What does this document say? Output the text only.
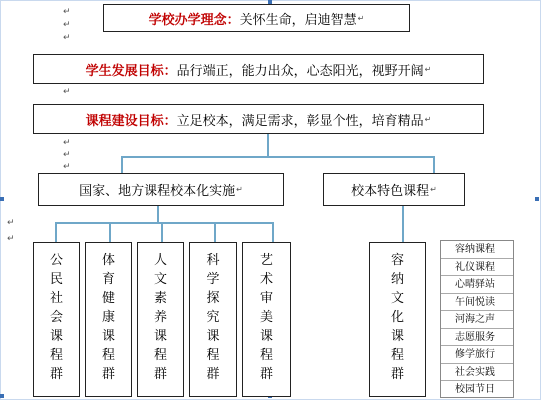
↵
↵
↵
↵
↵
↵
↵
↵
↵
学校办学理念 ： 关怀生命，启迪智慧 ↵
学生发展目标 ： 品行端正，能力出众，心态阳光，视野开阔 ↵
课程建设目标 ： 立足校本，满足需求，彰显个性，培育精品 ↵
国家、地方课程校本化实施 ↵	校本特色课程 ↵
公
民
社
会
课
程
群
体
育
健
康
课
程
群
人
文
素
养
课
程
群
科
学
探
究
课
程
群
艺
术
审
美
课
程
群
容
纳
文
化
课
程
群
容纳课程
礼仪课程
心晴驿站
午间悦读
河海之声
志愿服务
修学旅行
社会实践
校园节日
